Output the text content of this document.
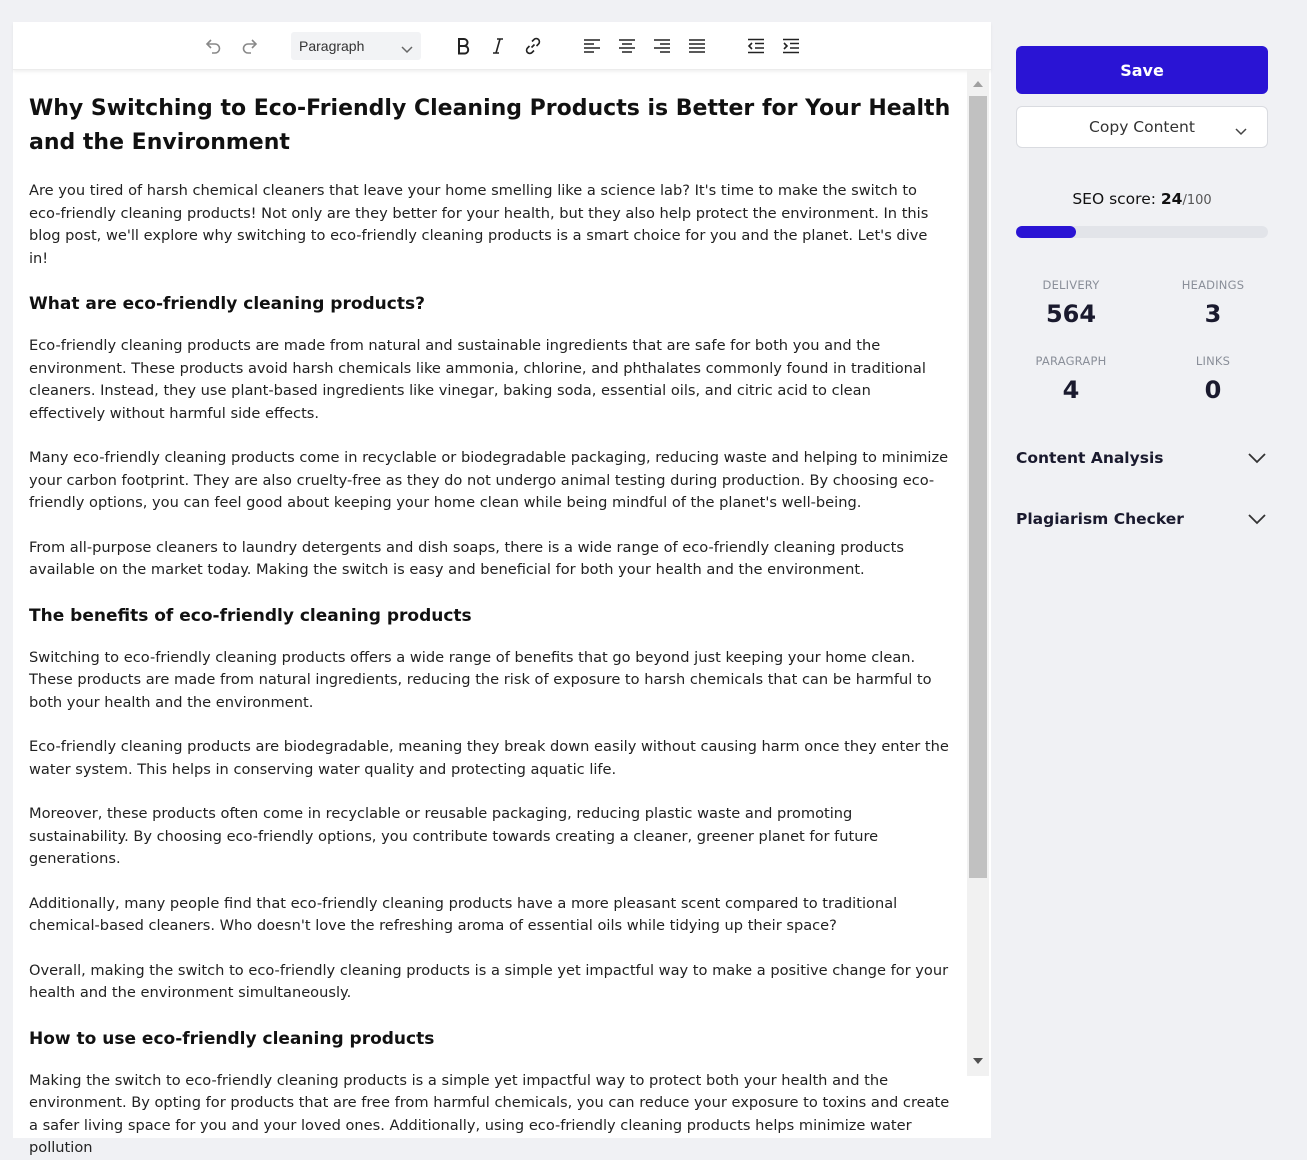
Paragraph
Why Switching to Eco-Friendly Cleaning Products is Better for Your Health and the Environment

Are you tired of harsh chemical cleaners that leave your home smelling like a science lab? It's time to make the switch to eco-friendly cleaning products! Not only are they better for your health, but they also help protect the environment. In this blog post, we'll explore why switching to eco-friendly cleaning products is a smart choice for you and the planet. Let's dive in!

What are eco-friendly cleaning products?

Eco-friendly cleaning products are made from natural and sustainable ingredients that are safe for both you and the environment. These products avoid harsh chemicals like ammonia, chlorine, and phthalates commonly found in traditional cleaners. Instead, they use plant-based ingredients like vinegar, baking soda, essential oils, and citric acid to clean effectively without harmful side effects.

Many eco-friendly cleaning products come in recyclable or biodegradable packaging, reducing waste and helping to minimize your carbon footprint. They are also cruelty-free as they do not undergo animal testing during production. By choosing eco-friendly options, you can feel good about keeping your home clean while being mindful of the planet's well-being.

From all-purpose cleaners to laundry detergents and dish soaps, there is a wide range of eco-friendly cleaning products available on the market today. Making the switch is easy and beneficial for both your health and the environment.

The benefits of eco-friendly cleaning products

Switching to eco-friendly cleaning products offers a wide range of benefits that go beyond just keeping your home clean. These products are made from natural ingredients, reducing the risk of exposure to harsh chemicals that can be harmful to both your health and the environment.

Eco-friendly cleaning products are biodegradable, meaning they break down easily without causing harm once they enter the water system. This helps in conserving water quality and protecting aquatic life.

Moreover, these products often come in recyclable or reusable packaging, reducing plastic waste and promoting sustainability. By choosing eco-friendly options, you contribute towards creating a cleaner, greener planet for future generations.

Additionally, many people find that eco-friendly cleaning products have a more pleasant scent compared to traditional chemical-based cleaners. Who doesn't love the refreshing aroma of essential oils while tidying up their space?

Overall, making the switch to eco-friendly cleaning products is a simple yet impactful way to make a positive change for your health and the environment simultaneously.

How to use eco-friendly cleaning products

Making the switch to eco-friendly cleaning products is a simple yet impactful way to protect both your health and the environment. By opting for products that are free from harmful chemicals, you can reduce your exposure to toxins and create a safer living space for you and your loved ones. Additionally, using eco-friendly cleaning products helps minimize water pollution

Save
Copy Content
SEO score: 24/100
DELIVERY
564
HEADINGS
3
PARAGRAPH
4
LINKS
0
Content Analysis
Plagiarism Checker
